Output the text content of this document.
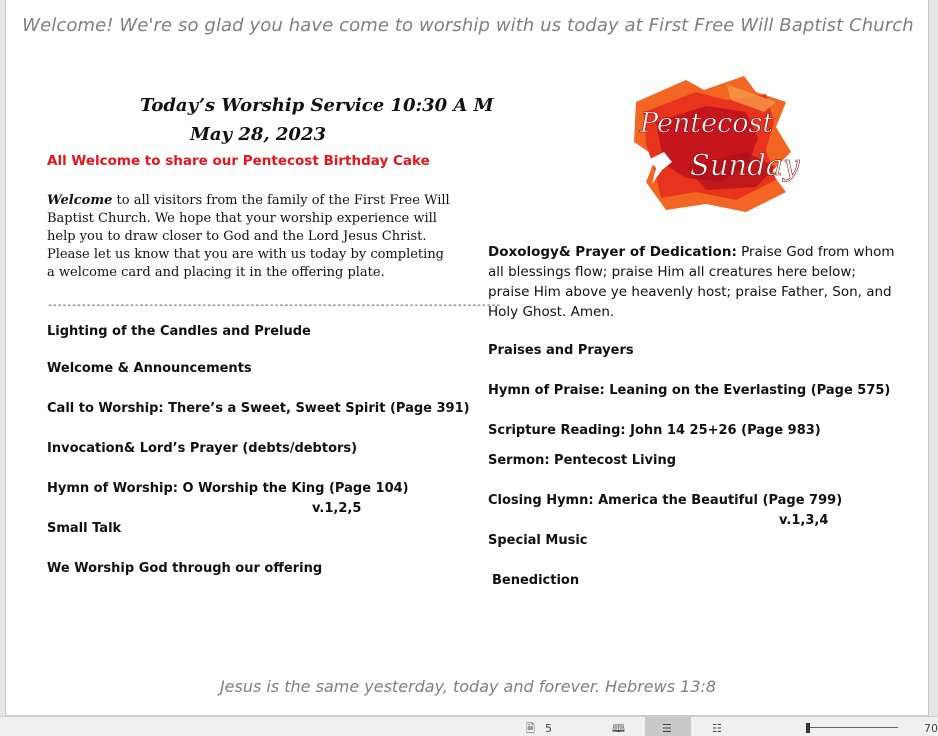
Welcome! We're so glad you have come to worship with us today at First Free Will Baptist Church
Today’s Worship Service 10:30 A M
May 28, 2023
All Welcome to share our Pentecost Birthday Cake
Welcome to all visitors from the family of the First Free Will Baptist Church. We hope that your worship experience will help you to draw closer to God and the Lord Jesus Christ. Please let us know that you are with us today by completing a welcome card and placing it in the offering plate.
----------------------------------------------------------------------------------------------
Lighting of the Candles and Prelude
Welcome & Announcements
Call to Worship: There’s a Sweet, Sweet Spirit (Page 391)
Invocation& Lord’s Prayer (debts/debtors)
Hymn of Worship: O Worship the King (Page 104)
v.1,2,5
Small Talk
We Worship God through our offering
Pentecost
Sunday
Doxology& Prayer of Dedication: Praise God from whom all blessings flow; praise Him all creatures here below; praise Him above ye heavenly host; praise Father, Son, and Holy Ghost. Amen.
Praises and Prayers
Hymn of Praise: Leaning on the Everlasting (Page 575)
Scripture Reading: John 14 25+26 (Page 983)
Sermon: Pentecost Living
Closing Hymn: America the Beautiful (Page 799)
v.1,3,4
Special Music
Benediction
Jesus is the same yesterday, today and forever. Hebrews 13:8
🗎 5	🕮	☰	☷	70
